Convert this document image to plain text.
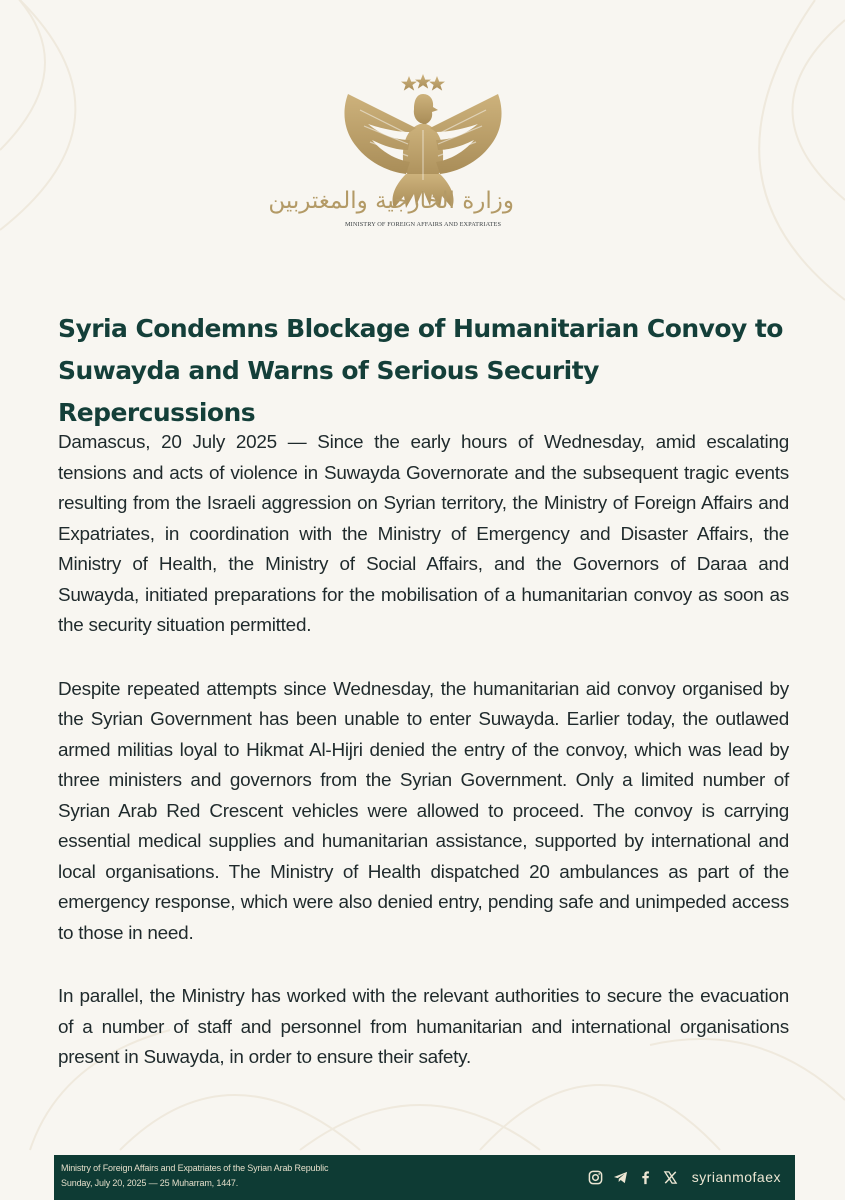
وزارة الخارجية والمغتربين
MINISTRY OF FOREIGN AFFAIRS AND EXPATRIATES
Syria Condemns Blockage of Humanitarian Convoy to
Suwayda and Warns of Serious Security Repercussions

Damascus, 20 July 2025 — Since the early hours of Wednesday, amid escalating tensions and acts of violence in Suwayda Governorate and the subsequent tragic events resulting from the Israeli aggression on Syrian territory, the Ministry of Foreign Affairs and Expatriates, in coordination with the Ministry of Emergency and Disaster Affairs, the Ministry of Health, the Ministry of Social Affairs, and the Governors of Daraa and Suwayda, initiated preparations for the mobilisation of a humanitarian convoy as soon as the security situation permitted.

Despite repeated attempts since Wednesday, the humanitarian aid convoy organised by the Syrian Government has been unable to enter Suwayda. Earlier today, the outlawed armed militias loyal to Hikmat Al-Hijri denied the entry of the convoy, which was lead by three ministers and governors from the Syrian Government. Only a limited number of Syrian Arab Red Crescent vehicles were allowed to proceed. The convoy is carrying essential medical supplies and humanitarian assistance, supported by international and local organisations. The Ministry of Health dispatched 20 ambulances as part of the emergency response, which were also denied entry, pending safe and unimpeded access to those in need.

In parallel, the Ministry has worked with the relevant authorities to secure the evacuation of a number of staff and personnel from humanitarian and international organisations present in Suwayda, in order to ensure their safety.

Ministry of Foreign Affairs and Expatriates of the Syrian Arab Republic
Sunday, July 20, 2025 — 25 Muharram, 1447.	syrianmofaex
